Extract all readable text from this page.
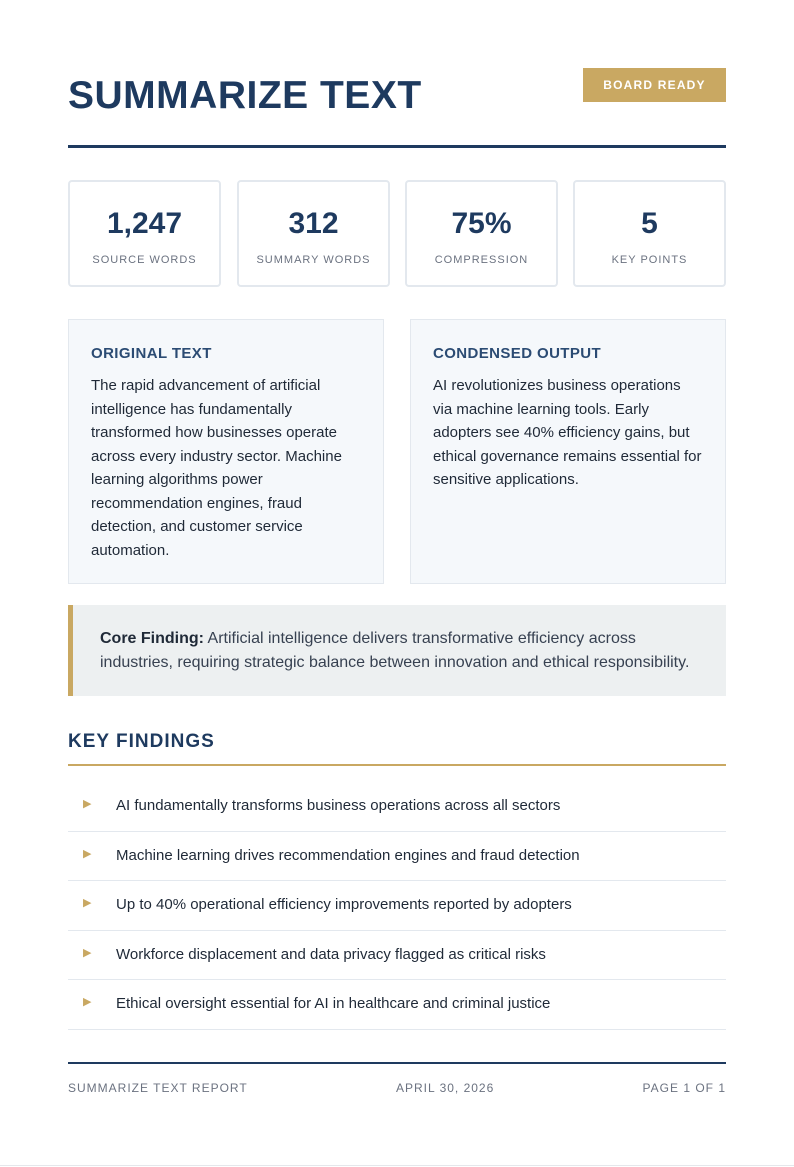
SUMMARIZE TEXT	BOARD READY
1,247
SOURCE WORDS
312
SUMMARY WORDS
75%
COMPRESSION
5
KEY POINTS
ORIGINAL TEXT

The rapid advancement of artificial intelligence has fundamentally transformed how businesses operate across every industry sector. Machine learning algorithms power recommendation engines, fraud detection, and customer service automation.

CONDENSED OUTPUT

AI revolutionizes business operations via machine learning tools. Early adopters see 40% efficiency gains, but ethical governance remains essential for sensitive applications.

Core Finding: Artificial intelligence delivers transformative efficiency across industries, requiring strategic balance between innovation and ethical responsibility.
KEY FINDINGS
▶ AI fundamentally transforms business operations across all sectors
▶ Machine learning drives recommendation engines and fraud detection
▶ Up to 40% operational efficiency improvements reported by adopters
▶ Workforce displacement and data privacy flagged as critical risks
▶ Ethical oversight essential for AI in healthcare and criminal justice
SUMMARIZE TEXT REPORT	APRIL 30, 2026	PAGE 1 OF 1
